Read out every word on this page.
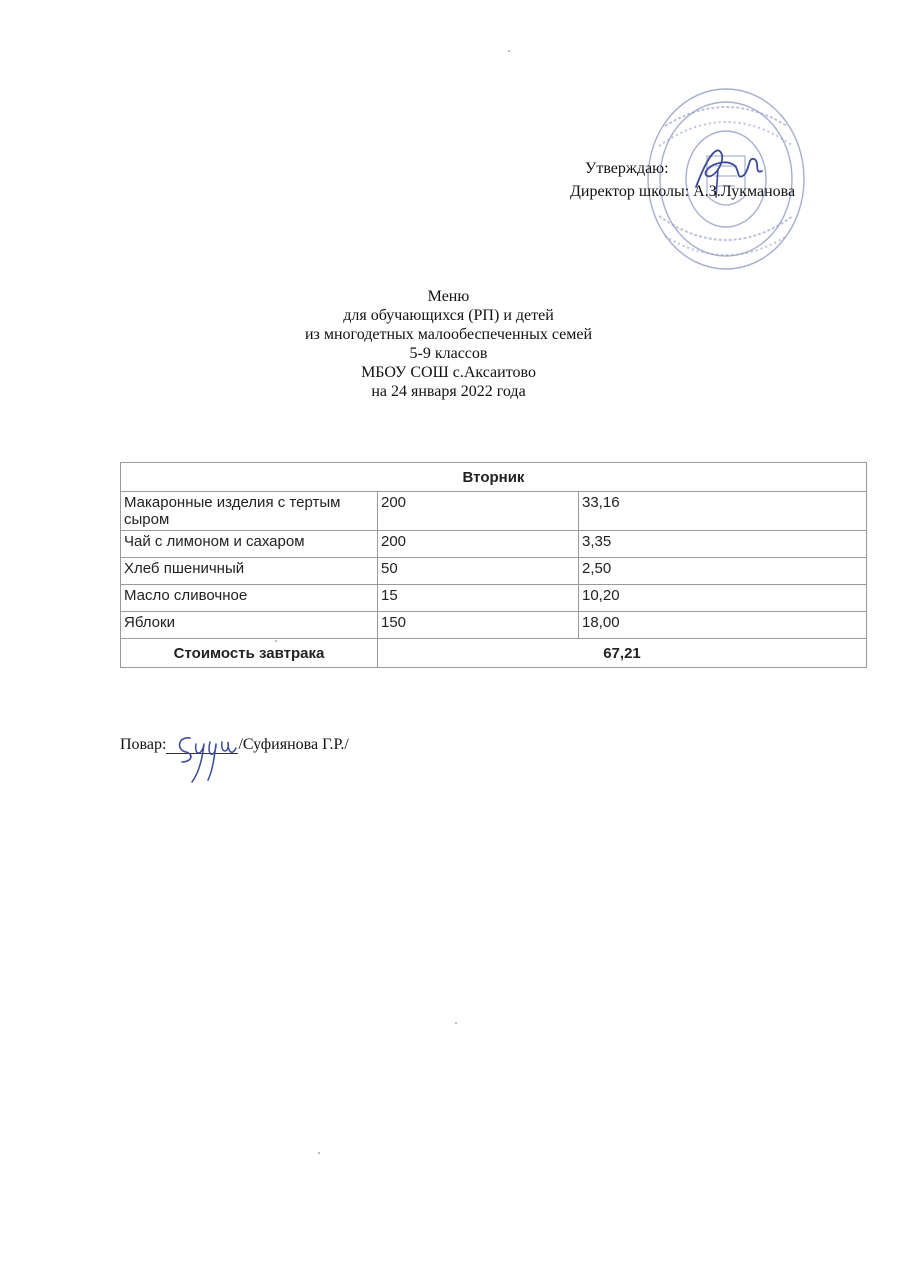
Утверждаю:
Директор школы: А.З.Лукманова
Меню
для обучающихся (РП) и детей
из многодетных малообеспеченных семей
5-9 классов
МБОУ СОШ с.Аксаитово
на 24 января 2022 года
Вторник		
Макаронные изделия с тертым сыром	200	33,16
Чай с лимоном и сахаром	200	3,35
Хлеб пшеничный	50	2,50
Масло сливочное	15	10,20
Яблоки	150	18,00
Стоимость завтрака	67,21	
Повар:	/Суфиянова Г.Р./
